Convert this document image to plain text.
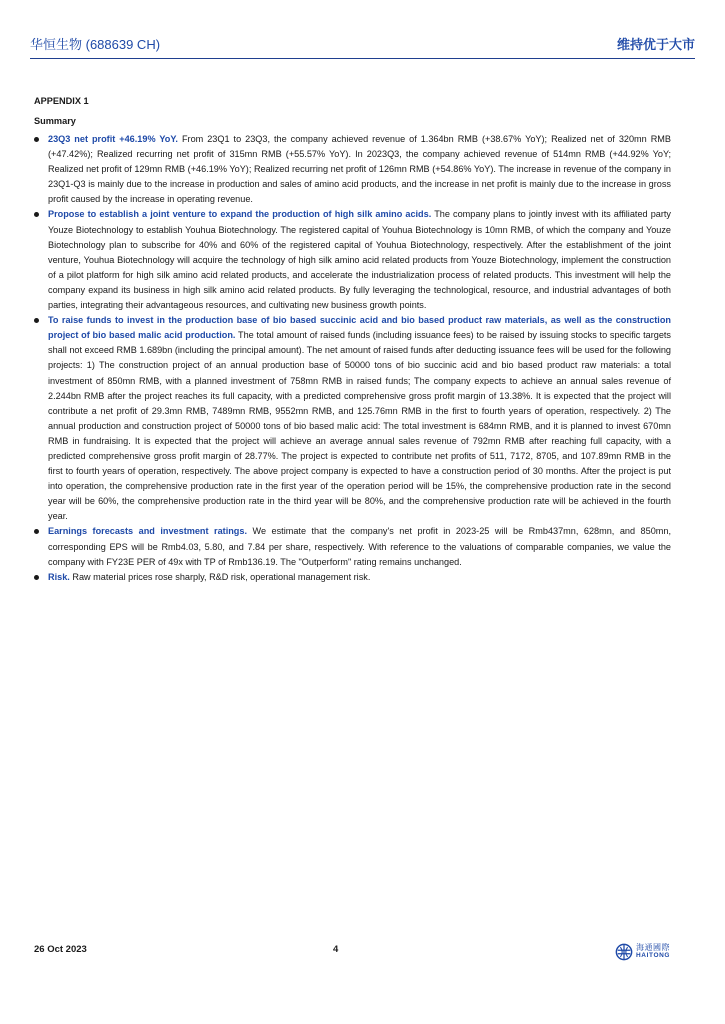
华恒生物 (688639 CH)	维持优于大市
APPENDIX 1
Summary
23Q3 net profit +46.19% YoY. From 23Q1 to 23Q3, the company achieved revenue of 1.364bn RMB (+38.67% YoY); Realized net of 320mn RMB (+47.42%); Realized recurring net profit of 315mn RMB (+55.57% YoY). In 2023Q3, the company achieved revenue of 514mn RMB (+44.92% YoY; Realized net profit of 129mn RMB (+46.19% YoY); Realized recurring net profit of 126mn RMB (+54.86% YoY). The increase in revenue of the company in 23Q1-Q3 is mainly due to the increase in production and sales of amino acid products, and the increase in net profit is mainly due to the increase in gross profit caused by the increase in operating revenue.
Propose to establish a joint venture to expand the production of high silk amino acids. The company plans to jointly invest with its affiliated party Youze Biotechnology to establish Youhua Biotechnology. The registered capital of Youhua Biotechnology is 10mn RMB, of which the company and Youze Biotechnology plan to subscribe for 40% and 60% of the registered capital of Youhua Biotechnology, respectively. After the establishment of the joint venture, Youhua Biotechnology will acquire the technology of high silk amino acid related products from Youze Biotechnology, implement the construction of a pilot platform for high silk amino acid related products, and accelerate the industrialization process of related products. This investment will help the company expand its business in high silk amino acid related products. By fully leveraging the technological, resource, and industrial advantages of both parties, integrating their advantageous resources, and cultivating new business growth points.
To raise funds to invest in the production base of bio based succinic acid and bio based product raw materials, as well as the construction project of bio based malic acid production. The total amount of raised funds (including issuance fees) to be raised by issuing stocks to specific targets shall not exceed RMB 1.689bn (including the principal amount). The net amount of raised funds after deducting issuance fees will be used for the following projects: 1) The construction project of an annual production base of 50000 tons of bio succinic acid and bio based product raw materials: a total investment of 850mn RMB, with a planned investment of 758mn RMB in raised funds; The company expects to achieve an annual sales revenue of 2.244bn RMB after the project reaches its full capacity, with a predicted comprehensive gross profit margin of 13.38%. It is expected that the project will contribute a net profit of 29.3mn RMB, 7489mn RMB, 9552mn RMB, and 125.76mn RMB in the first to fourth years of operation, respectively. 2) The annual production and construction project of 50000 tons of bio based malic acid: The total investment is 684mn RMB, and it is planned to invest 670mn RMB in fundraising. It is expected that the project will achieve an average annual sales revenue of 792mn RMB after reaching full capacity, with a predicted comprehensive gross profit margin of 28.77%. The project is expected to contribute net profits of 511, 7172, 8705, and 107.89mn RMB in the first to fourth years of operation, respectively. The above project company is expected to have a construction period of 30 months. After the project is put into operation, the comprehensive production rate in the first year of the operation period will be 15%, the comprehensive production rate in the second year will be 60%, the comprehensive production rate in the third year will be 80%, and the comprehensive production rate will be achieved in the fourth year.
Earnings forecasts and investment ratings. We estimate that the company's net profit in 2023-25 will be Rmb437mn, 628mn, and 850mn, corresponding EPS will be Rmb4.03, 5.80, and 7.84 per share, respectively. With reference to the valuations of comparable companies, we value the company with FY23E PER of 49x with TP of Rmb136.19. The "Outperform" rating remains unchanged.
Risk. Raw material prices rose sharply, R&D risk, operational management risk.
26 Oct 2023	4	海通國際
HAITONG
